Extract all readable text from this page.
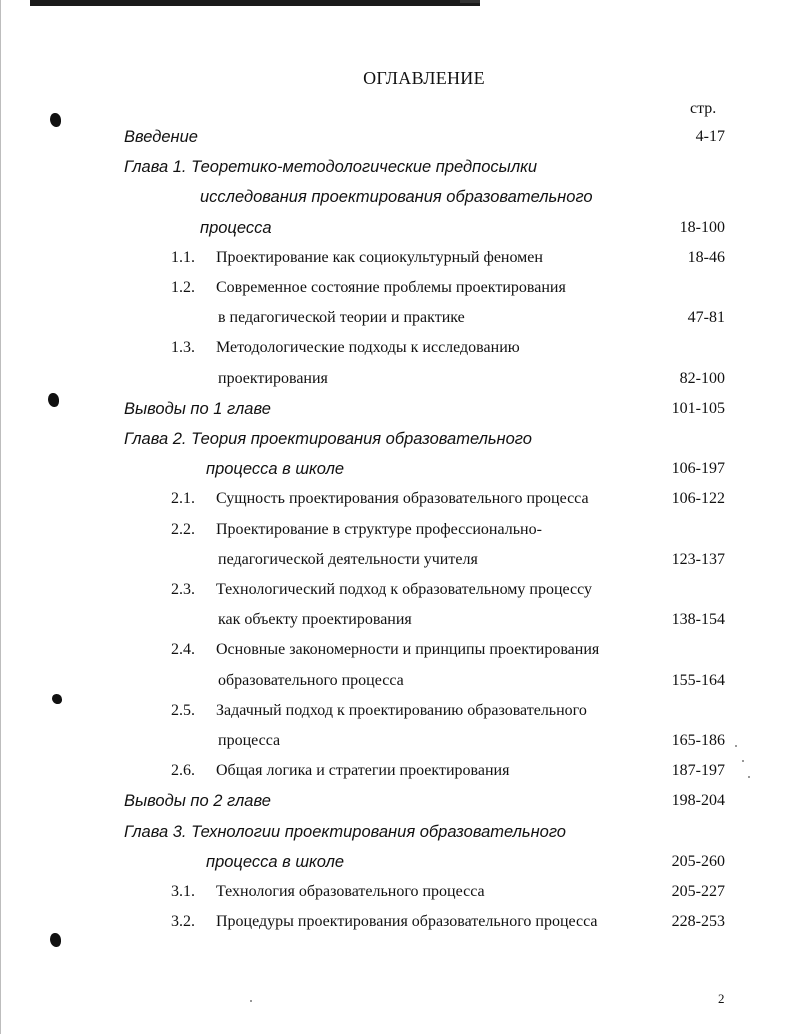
ОГЛАВЛЕНИЕ
стр.
Введение	4-17
Глава 1. Теоретико-методологические предпосылки
исследования проектирования образовательного
процесса	18-100
1.1. Проектирование как социокультурный феномен	18-46
1.2. Современное состояние проблемы проектирования
в педагогической теории и практике	47-81
1.3. Методологические подходы к исследованию
проектирования	82-100
Выводы по 1 главе	101-105
Глава 2. Теория проектирования образовательного
процесса в школе	106-197
2.1. Сущность проектирования образовательного процесса	106-122
2.2. Проектирование в структуре профессионально-
педагогической деятельности учителя	123-137
2.3. Технологический подход к образовательному процессу
как объекту проектирования	138-154
2.4. Основные закономерности и принципы проектирования
образовательного процесса	155-164
2.5. Задачный подход к проектированию образовательного
процесса	165-186
2.6. Общая логика и стратегии проектирования	187-197
Выводы по 2 главе	198-204
Глава 3. Технологии проектирования образовательного
процесса в школе	205-260
3.1. Технология образовательного процесса	205-227
3.2. Процедуры проектирования образовательного процесса	228-253
2
